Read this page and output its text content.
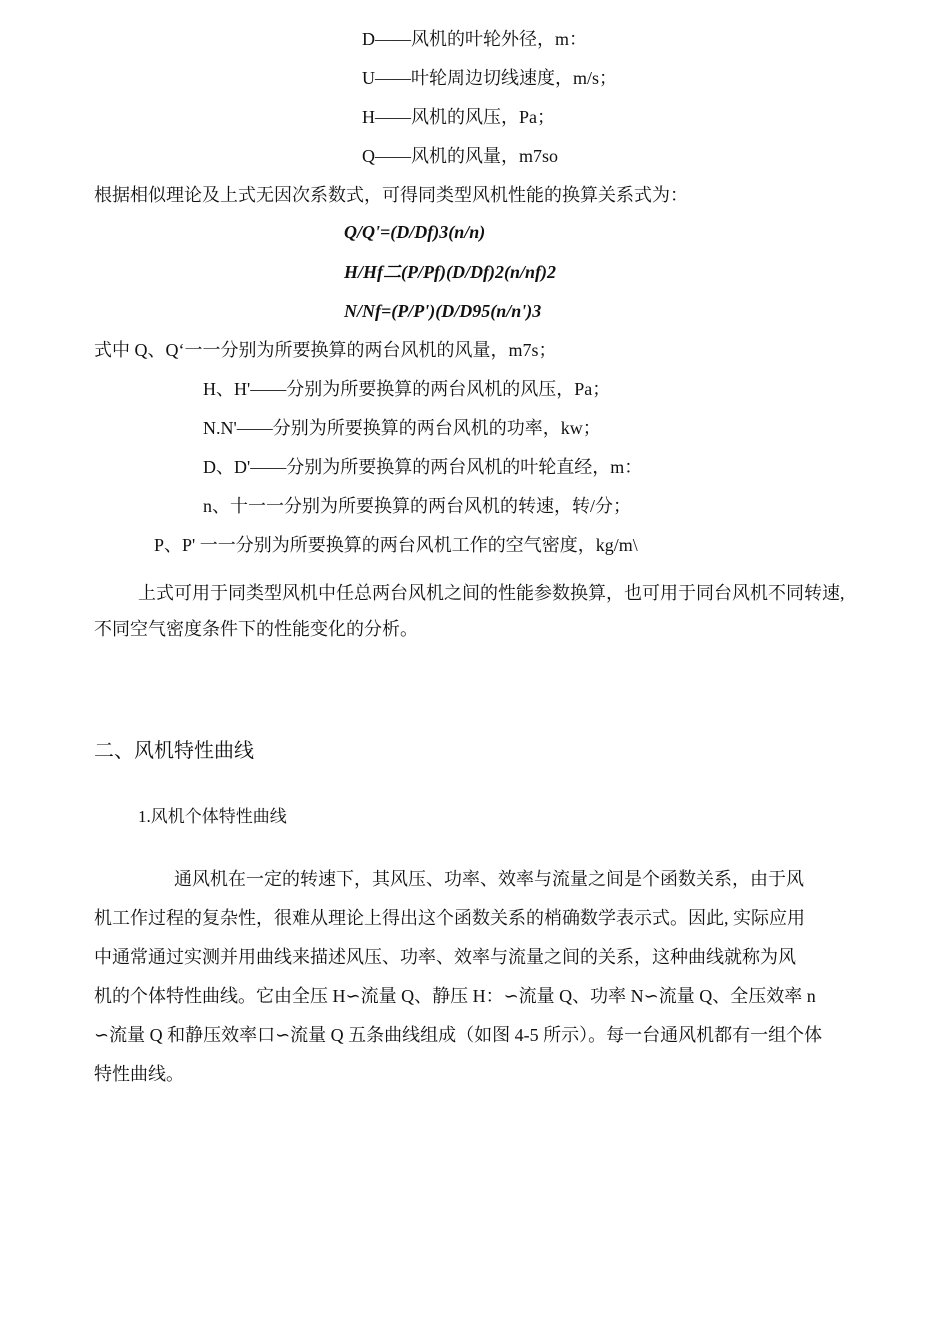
D——风机的叶轮外径，m：
U——叶轮周边切线速度，m/s；
H——风机的风压，Pa；
Q——风机的风量，m7so
根据相似理论及上式无因次系数式，可得同类型风机性能的换算关系式为：
Q/Q'=(D/Df)3(n/n)
H/Hf二(P/Pf)(D/Df)2(n/nf)2
N/Nf=(P/P')(D/D95(n/n')3
式中 Q、Q‘一一分别为所要换算的两台风机的风量，m7s；
H、H'——分别为所要换算的两台风机的风压，Pa；
N.N'——分别为所要换算的两台风机的功率，kw；
D、D'——分别为所要换算的两台风机的叶轮直经，m：
n、十一一分别为所要换算的两台风机的转速，转/分；
P、P' 一一分别为所要换算的两台风机工作的空气密度，kg/m\
上式可用于同类型风机中任总两台风机之间的性能参数换算，也可用于同台风机不同转速,
不同空气密度条件下的性能变化的分析。
二、风机特性曲线
1.风机个体特性曲线
通风机在一定的转速下，其风压、功率、效率与流量之间是个函数关系，由于风
机工作过程的复杂性，很难从理论上得出这个函数关系的梢确数学表示式。因此, 实际应用
中通常通过实测并用曲线来描述风压、功率、效率与流量之间的关系，这种曲线就称为风
机的个体特性曲线。它由全压 H∽流量 Q、静压 H：∽流量 Q、功率 N∽流量 Q、全压效率 n
∽流量 Q 和静压效率口∽流量 Q 五条曲线组成（如图 4-5 所示）。每一台通风机都有一组个体
特性曲线。
